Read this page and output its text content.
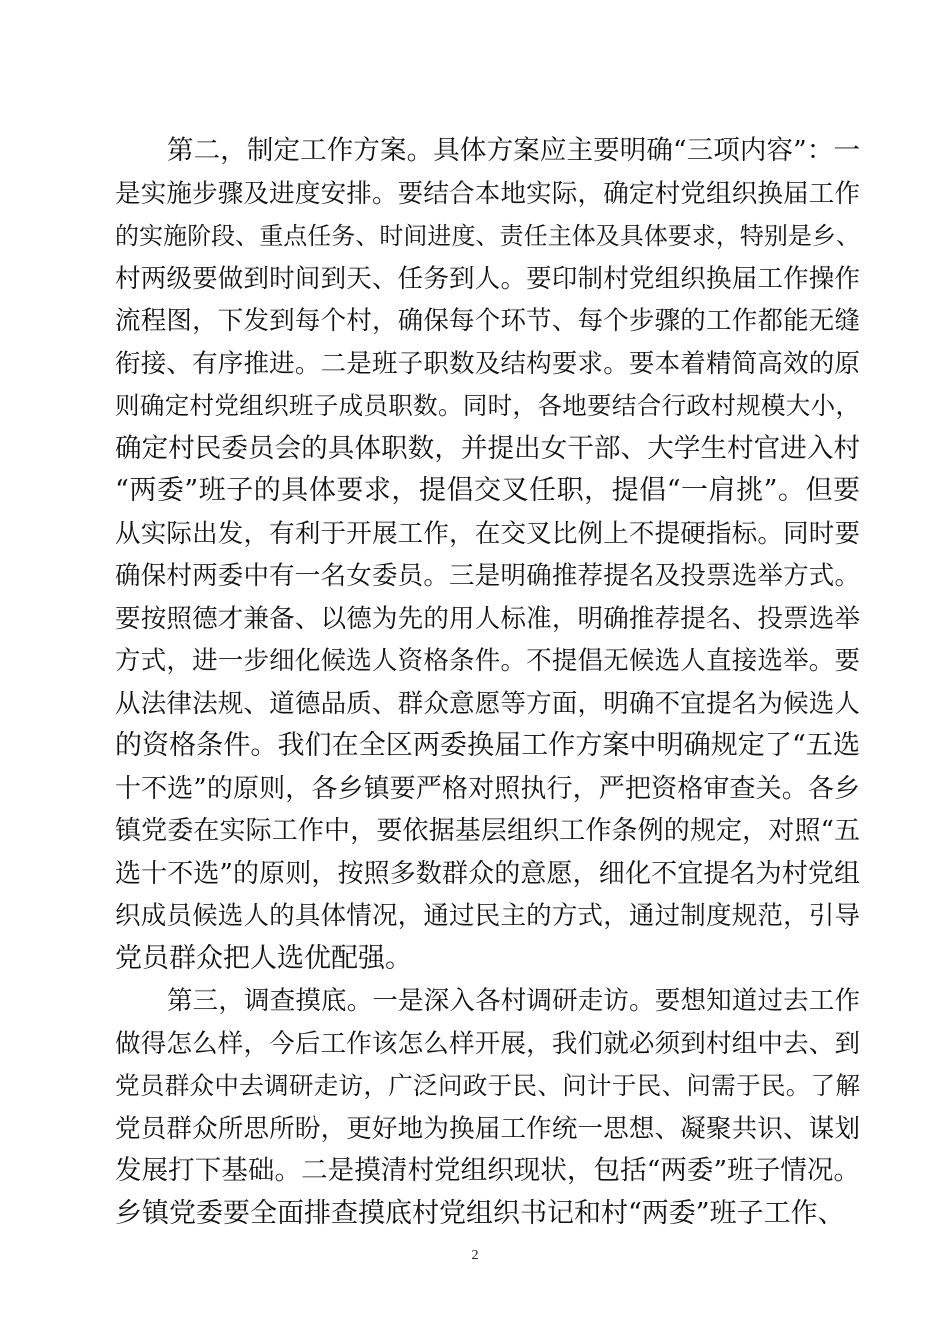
第二，制定工作方案。具体方案应主要明确“三项内容”：一
是实施步骤及进度安排。要结合本地实际，确定村党组织换届工作
的实施阶段、重点任务、时间进度、责任主体及具体要求，特别是乡、
村两级要做到时间到天、任务到人。要印制村党组织换届工作操作
流程图，下发到每个村，确保每个环节、每个步骤的工作都能无缝
衔接、有序推进。二是班子职数及结构要求。要本着精简高效的原
则确定村党组织班子成员职数。同时，各地要结合行政村规模大小，
确定村民委员会的具体职数，并提出女干部、大学生村官进入村
“两委”班子的具体要求，提倡交叉任职，提倡“一肩挑”。但要
从实际出发，有利于开展工作，在交叉比例上不提硬指标。同时要
确保村两委中有一名女委员。三是明确推荐提名及投票选举方式。
要按照德才兼备、以德为先的用人标准，明确推荐提名、投票选举
方式，进一步细化候选人资格条件。不提倡无候选人直接选举。要
从法律法规、道德品质、群众意愿等方面，明确不宜提名为候选人
的资格条件。我们在全区两委换届工作方案中明确规定了“五选
十不选”的原则，各乡镇要严格对照执行，严把资格审查关。各乡
镇党委在实际工作中，要依据基层组织工作条例的规定，对照“五
选十不选”的原则，按照多数群众的意愿，细化不宜提名为村党组
织成员候选人的具体情况，通过民主的方式，通过制度规范，引导
党员群众把人选优配强。
第三，调查摸底。一是深入各村调研走访。要想知道过去工作
做得怎么样，今后工作该怎么样开展，我们就必须到村组中去、到
党员群众中去调研走访，广泛问政于民、问计于民、问需于民。了解
党员群众所思所盼，更好地为换届工作统一思想、凝聚共识、谋划
发展打下基础。二是摸清村党组织现状，包括“两委”班子情况。
乡镇党委要全面排查摸底村党组织书记和村“两委”班子工作、
2
